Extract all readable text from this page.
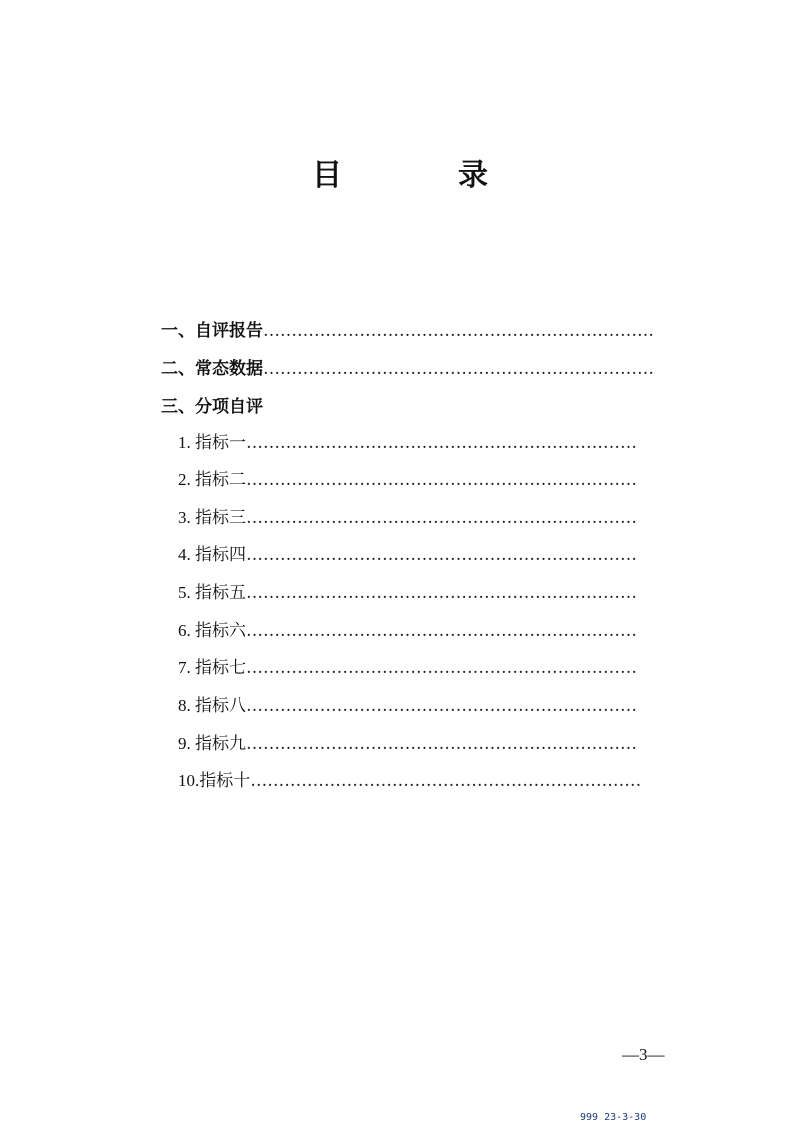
目	录
一、自评报告……………………………………………………………
二、常态数据……………………………………………………………
三、分项自评
1. 指标一……………………………………………………………
2. 指标二……………………………………………………………
3. 指标三……………………………………………………………
4. 指标四……………………………………………………………
5. 指标五……………………………………………………………
6. 指标六……………………………………………………………
7. 指标七……………………………………………………………
8. 指标八……………………………………………………………
9. 指标九……………………………………………………………
10.指标十……………………………………………………………
—3—
999 23-3-30
